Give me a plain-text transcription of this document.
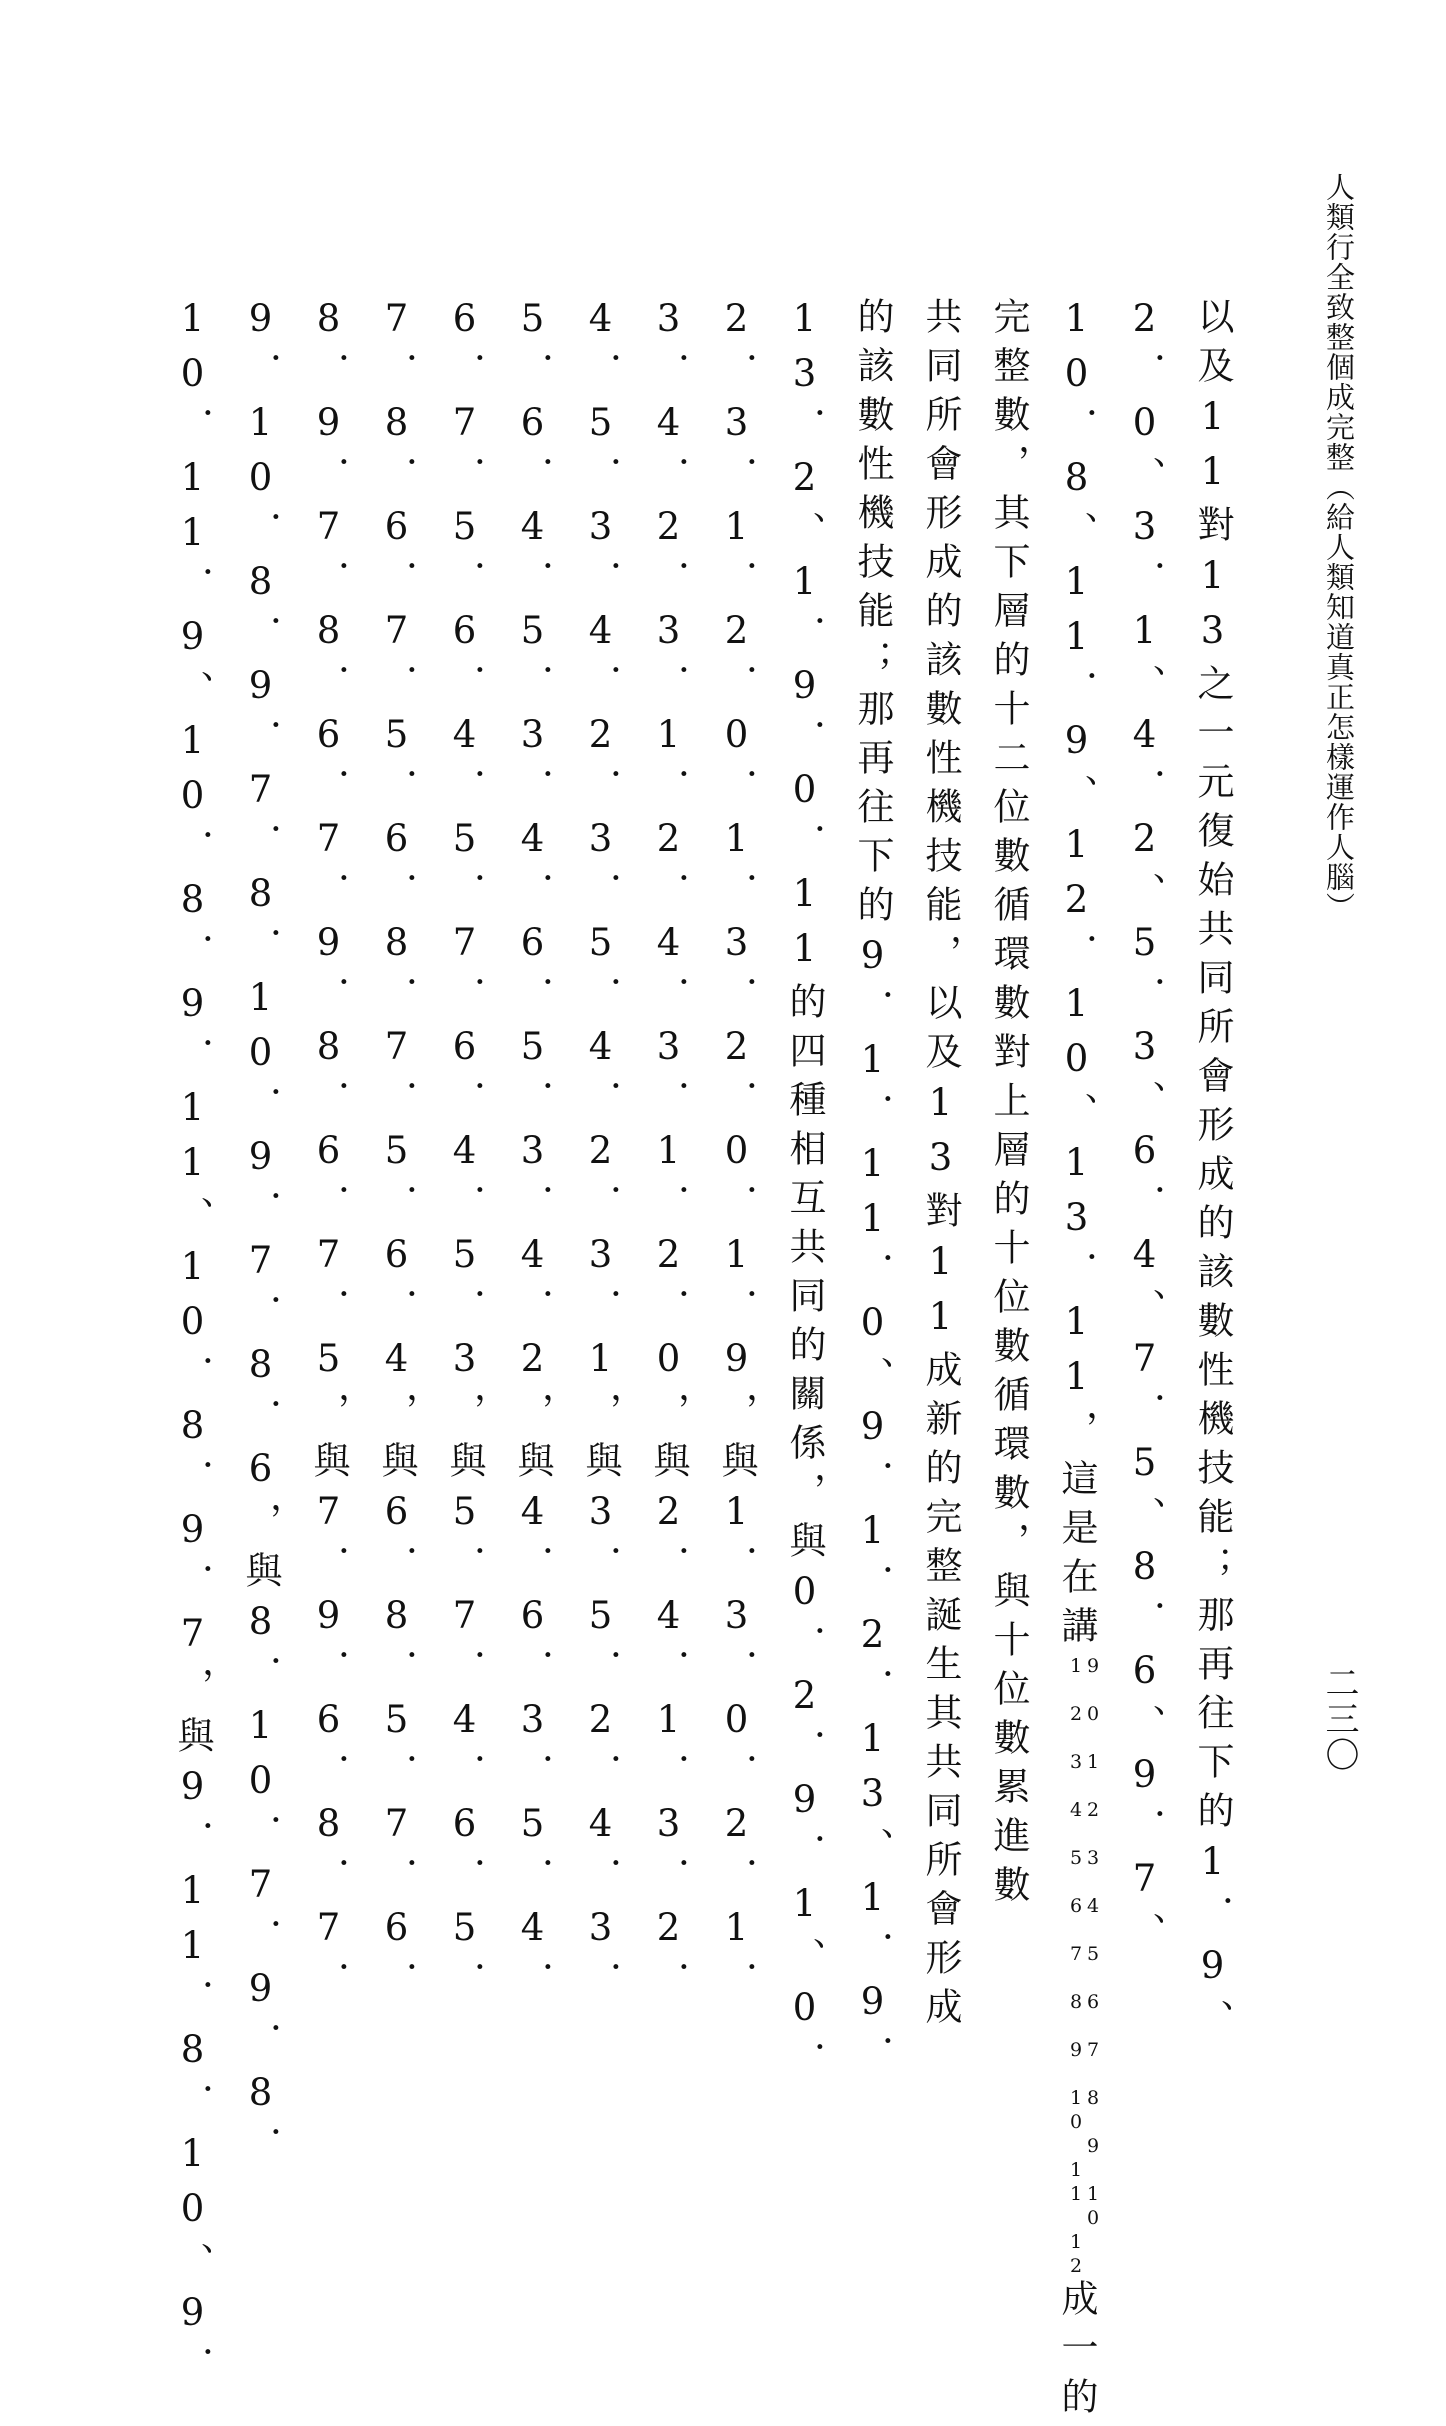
人類行全致整個成完整（給人類知道真正怎樣運作人腦）
二三〇
以及11對13之一元復始共同所會形成的該數性機技能；那再往下的1．9、
2．0、3．1、4．2、5．3、6．4、7．5、8．6、9．7、
10．8、11．9、12．10、13．11，這是在講
9 0 1 2 3 4 5 6 7 8 9 10
1 2 3 4 5 6 7 8 9 10 11 12
成一的
完整數，其下層的十二位數循環數對上層的十位數循環數，與十位數累進數
共同所會形成的該數性機技能，以及13對11成新的完整誕生其共同所會形成
的該數性機技能；那再往下的9．1．11．0、9．1．2．13、1．9．
13．2、1．9．0．11的四種相互共同的關係，與0．2．9．1、0．
2．3．1．2．0．1．3．2．0．1．9，與1．3．0．2．1．
3．4．2．3．1．2．4．3．1．2．0，與2．4．1．3．2．
4．5．3．4．2．3．5．4．2．3．1，與3．5．2．4．3．
5．6．4．5．3．4．6．5．3．4．2，與4．6．3．5．4．
6．7．5．6．4．5．7．6．4．5．3，與5．7．4．6．5．
7．8．6．7．5．6．8．7．5．6．4，與6．8．5．7．6．
8．9．7．8．6．7．9．8．6．7．5，與7．9．6．8．7．
9．10．8．9．7．8．10．9．7．8．6，與8．10．7．9．8．
10．11．9、10．8．9．11、10．8．9．7，與9．11．8．10、9．
